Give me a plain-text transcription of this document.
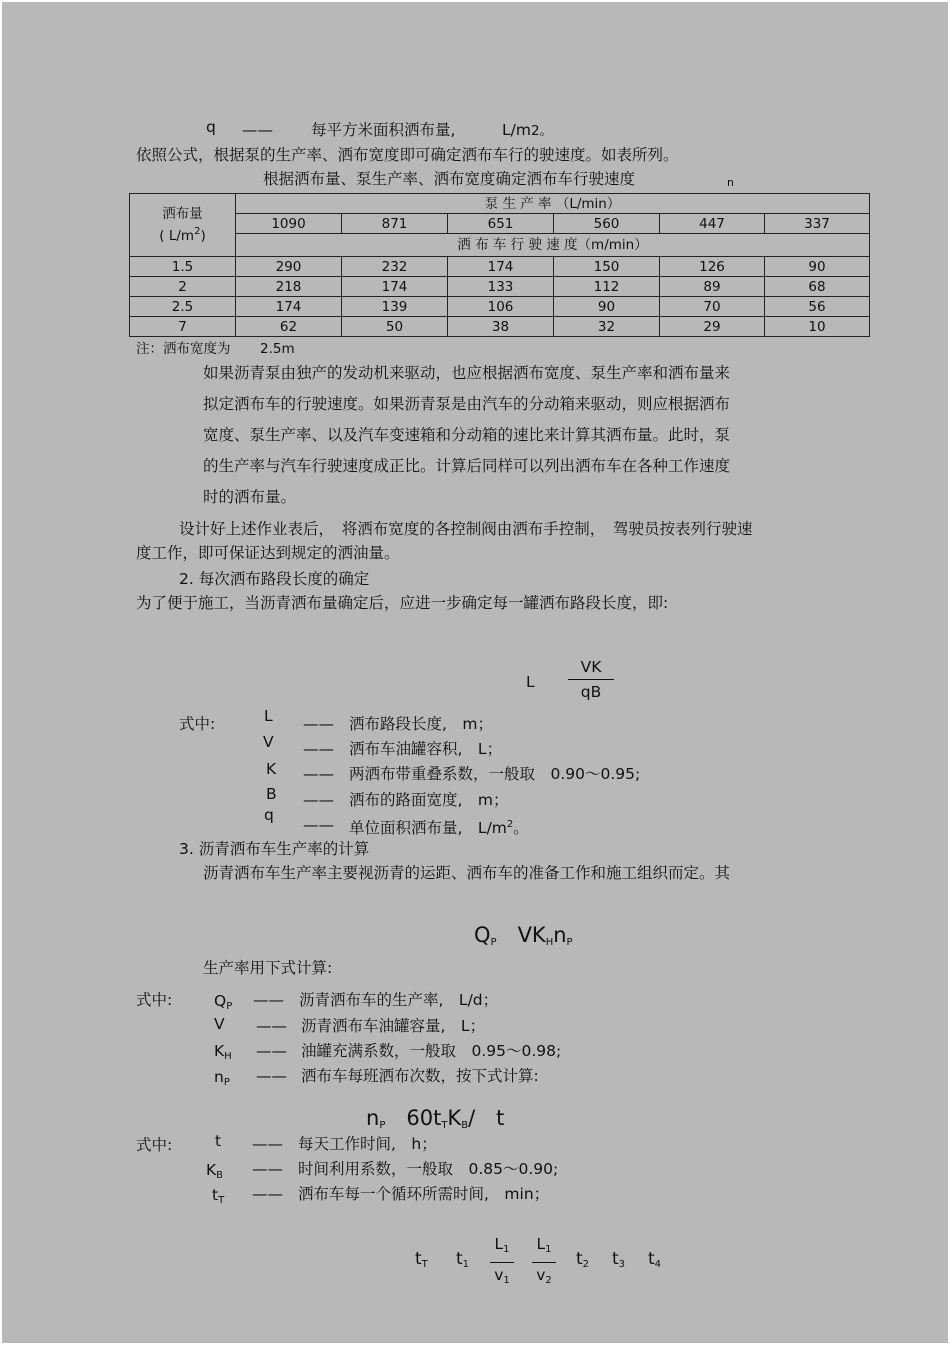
q —— 每平方米面积洒布量,	L/m2。
依照公式，根据泵的生产率、洒布宽度即可确定洒布车行的驶速度。如表所列。
根据洒布量、泵生产率、洒布宽度确定洒布车行驶速度	n
洒布量
( $L/m^2$)	泵 生 产 率 （L/min）					
	1090	871	651	560	447	337
	洒 布 车 行 驶 速 度（m/min）					
1.5	290	232	174	150	126	90
2	218	174	133	112	89	68
2.5	174	139	106	90	70	56
7	62	50	38	32	29	10
注：洒布宽度为 2.5m
如果沥青泵由独产的发动机来驱动，也应根据洒布宽度、泵生产率和洒布量来
拟定洒布车的行驶速度。如果沥青泵是由汽车的分动箱来驱动，则应根据洒布
宽度、泵生产率、以及汽车变速箱和分动箱的速比来计算其洒布量。此时，泵
的生产率与汽车行驶速度成正比。计算后同样可以列出洒布车在各种工作速度
时的洒布量。
设计好上述作业表后，　将洒布宽度的各控制阀由洒布手控制，　驾驶员按表列行驶速
度工作，即可保证达到规定的洒油量。
2. 每次洒布路段长度的确定
为了便于施工，当沥青洒布量确定后，应进一步确定每一罐洒布路段长度，即:
L
VK
qB
式中:	L —— 洒布路段长度,　m；
V —— 洒布车油罐容积,　L；
K —— 两洒布带重叠系数，一般取　0.90～0.95;
B —— 洒布的路面宽度,　m；
q
—— 单位面积洒布量,　$L/m^2$。
3. 沥青洒布车生产率的计算
沥青洒布车生产率主要视沥青的运距、洒布车的准备工作和施工组织而定。其
$Q_P$　 $VK_Hn_P$
生产率用下式计算:
式中:	$Q_P$ —— 沥青洒布车的生产率,　L/d；
V —— 沥青洒布车油罐容量,　L；
$K_H$ —— 油罐充满系数，一般取　0.95～0.98;
$n_P$ —— 洒布车每班洒布次数，按下式计算:
$n_P$　 $60t_TK_B/$　 t
式中:	t —— 每天工作时间,　h；
$K_B$ —— 时间利用系数，一般取　0.85～0.90;
$t_T$ —— 洒布车每一个循环所需时间,　min；
$t_T$ $t_1$
$L_1$
$v_1$
$L_1$
$v_2$
$t_2$ $t_3$ $t_4$
